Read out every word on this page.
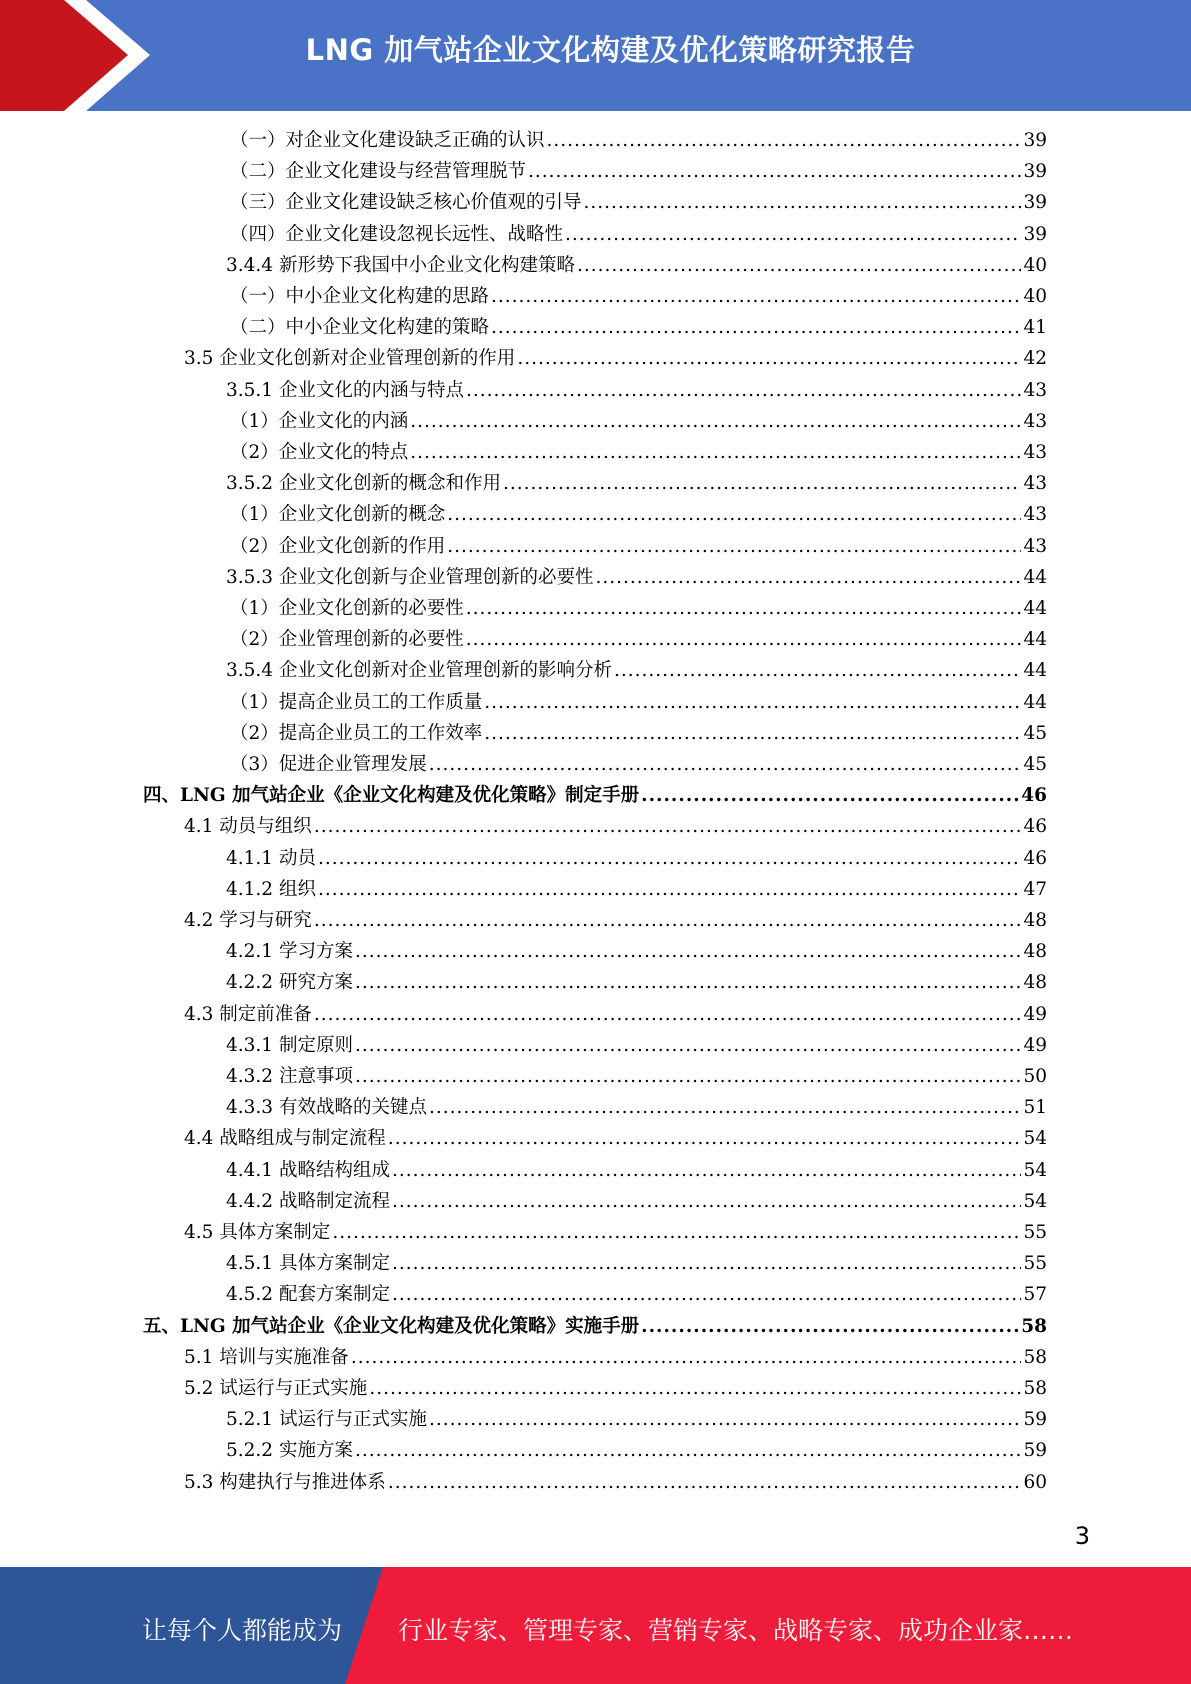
LNG 加气站企业文化构建及优化策略研究报告
（一）对企业文化建设缺乏正确的认识 .....	39
（二）企业文化建设与经营管理脱节 .....	39
（三）企业文化建设缺乏核心价值观的引导 .....	39
（四）企业文化建设忽视长远性、战略性 .....	39
3.4.4 新形势下我国中小企业文化构建策略 .....	40
（一）中小企业文化构建的思路 .....	40
（二）中小企业文化构建的策略 .....	41
3.5 企业文化创新对企业管理创新的作用 .....	42
3.5.1 企业文化的内涵与特点 .....	43
（1）企业文化的内涵 .....	43
（2）企业文化的特点 .....	43
3.5.2 企业文化创新的概念和作用 .....	43
（1）企业文化创新的概念 .....	43
（2）企业文化创新的作用 .....	43
3.5.3 企业文化创新与企业管理创新的必要性 .....	44
（1）企业文化创新的必要性 .....	44
（2）企业管理创新的必要性 .....	44
3.5.4 企业文化创新对企业管理创新的影响分析 .....	44
（1）提高企业员工的工作质量 .....	44
（2）提高企业员工的工作效率 .....	45
（3）促进企业管理发展 .....	45
四、LNG 加气站企业《企业文化构建及优化策略》制定手册 .....	46
4.1 动员与组织 .....	46
4.1.1 动员 .....	46
4.1.2 组织 .....	47
4.2 学习与研究 .....	48
4.2.1 学习方案 .....	48
4.2.2 研究方案 .....	48
4.3 制定前准备 .....	49
4.3.1 制定原则 .....	49
4.3.2 注意事项 .....	50
4.3.3 有效战略的关键点 .....	51
4.4 战略组成与制定流程 .....	54
4.4.1 战略结构组成 .....	54
4.4.2 战略制定流程 .....	54
4.5 具体方案制定 .....	55
4.5.1 具体方案制定 .....	55
4.5.2 配套方案制定 .....	57
五、LNG 加气站企业《企业文化构建及优化策略》实施手册 .....	58
5.1 培训与实施准备 .....	58
5.2 试运行与正式实施 .....	58
5.2.1 试运行与正式实施 .....	59
5.2.2 实施方案 .....	59
5.3 构建执行与推进体系 .....	60
3
让每个人都能成为 行业专家、管理专家、营销专家、战略专家、成功企业家……
